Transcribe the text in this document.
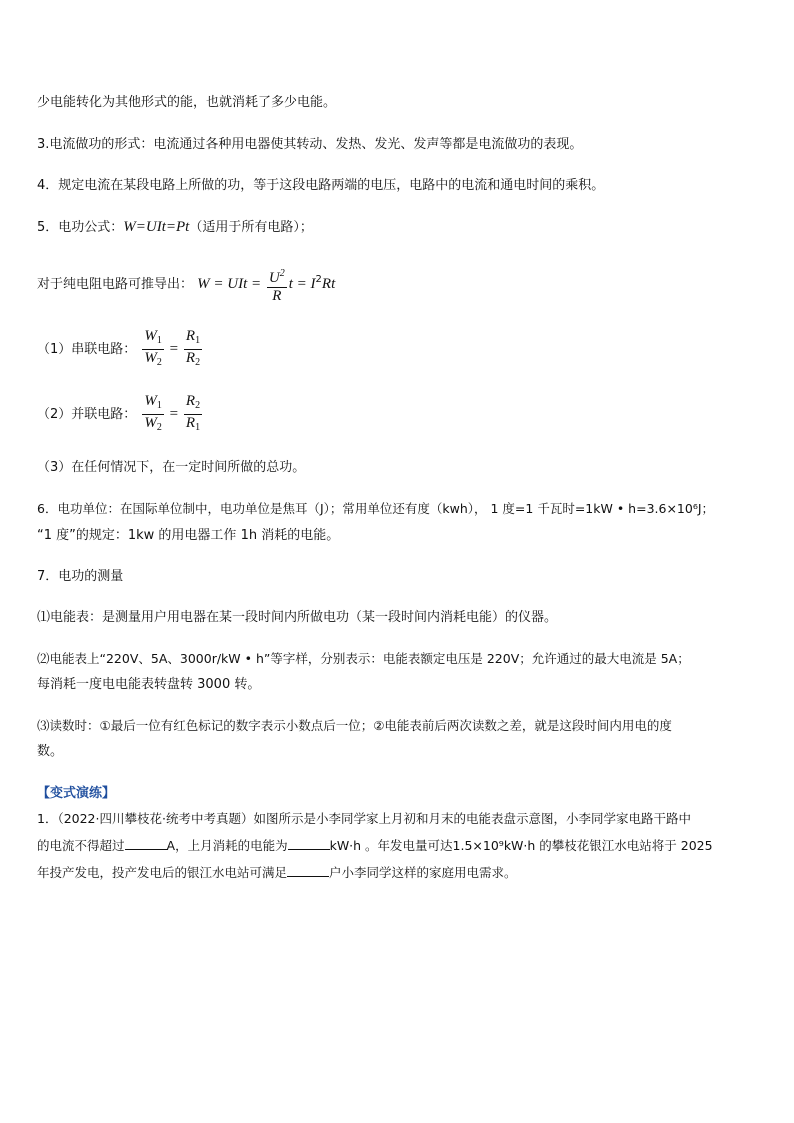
少电能转化为其他形式的能，也就消耗了多少电能。
3.电流做功的形式：电流通过各种用电器使其转动、发热、发光、发声等都是电流做功的表现。
4．规定电流在某段电路上所做的功，等于这段电路两端的电压，电路中的电流和通电时间的乘积。
5．电功公式：W=UIt=Pt（适用于所有电路）；
对于纯电阻电路可推导出： W = UIt = $\frac{U^2}{R}$ $t = I^2Rt$
（1）串联电路： $\frac{W_1}{W_2} = \frac{R_1}{R_2}$
（2）并联电路： $\frac{W_1}{W_2} = \frac{R_2}{R_1}$
（3）在任何情况下，在一定时间所做的总功。
6．电功单位：在国际单位制中，电功单位是焦耳（J）；常用单位还有度（kwh）， 1 度=1 千瓦时=1kW • h=3.6×10⁶J；
“1 度”的规定：1kw 的用电器工作 1h 消耗的电能。
7．电功的测量
⑴电能表：是测量用户用电器在某一段时间内所做电功（某一段时间内消耗电能）的仪器。
⑵电能表上“220V、5A、3000r/kW • h”等字样，分别表示：电能表额定电压是 220V；允许通过的最大电流是 5A；
每消耗一度电电能表转盘转 3000 转。
⑶读数时：①最后一位有红色标记的数字表示小数点后一位；②电能表前后两次读数之差，就是这段时间内用电的度
数。
【变式演练】
1．（2022·四川攀枝花·统考中考真题）如图所示是小李同学家上月初和月末的电能表盘示意图，小李同学家电路干路中
的电流不得超过	A，上月消耗的电能为	kW·h 。年发电量可达1.5×10⁹kW·h 的攀枝花银江水电站将于 2025
年投产发电，投产发电后的银江水电站可满足	户小李同学这样的家庭用电需求。
